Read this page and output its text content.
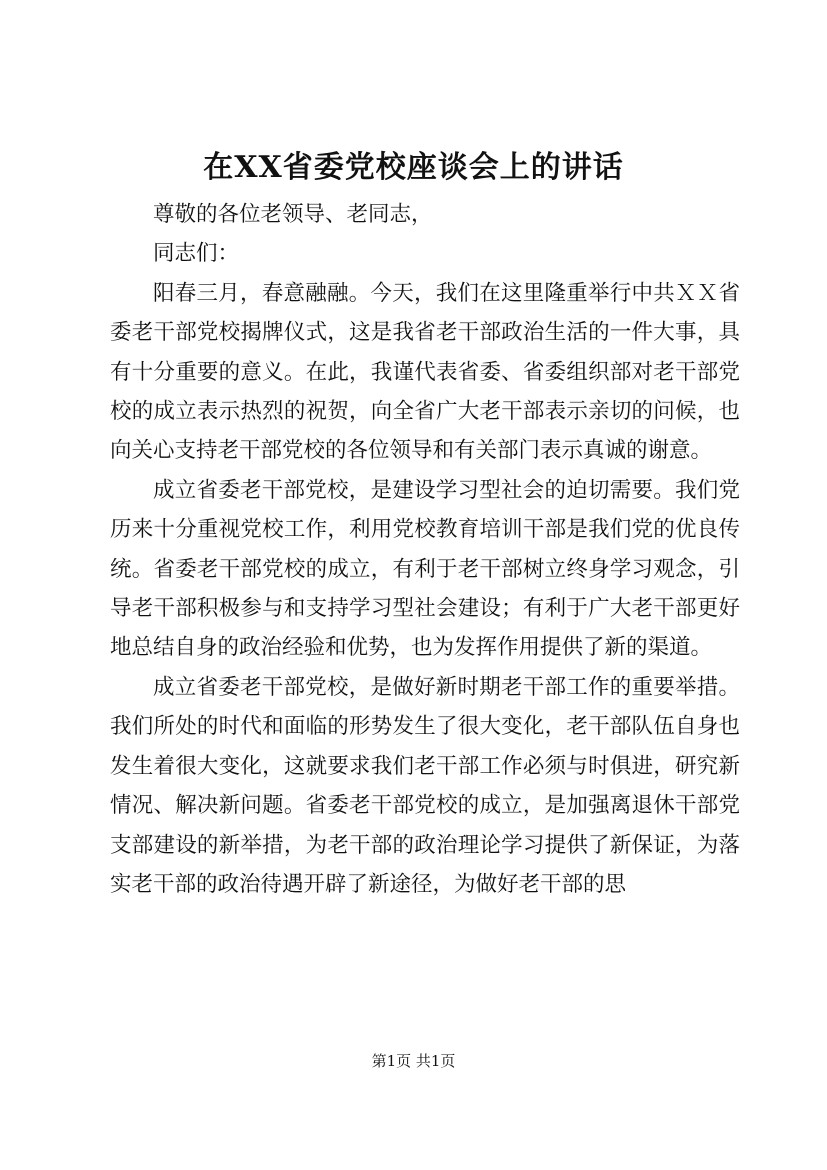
在XX省委党校座谈会上的讲话

尊敬的各位老领导、老同志，

同志们：

阳春三月，春意融融。今天，我们在这里隆重举行中共ＸＸ省委老干部党校揭牌仪式，这是我省老干部政治生活的一件大事，具有十分重要的意义。在此，我谨代表省委、省委组织部对老干部党校的成立表示热烈的祝贺，向全省广大老干部表示亲切的问候，也向关心支持老干部党校的各位领导和有关部门表示真诚的谢意。

成立省委老干部党校，是建设学习型社会的迫切需要。我们党历来十分重视党校工作，利用党校教育培训干部是我们党的优良传统。省委老干部党校的成立，有利于老干部树立终身学习观念，引导老干部积极参与和支持学习型社会建设；有利于广大老干部更好地总结自身的政治经验和优势，也为发挥作用提供了新的渠道。

成立省委老干部党校，是做好新时期老干部工作的重要举措。我们所处的时代和面临的形势发生了很大变化，老干部队伍自身也发生着很大变化，这就要求我们老干部工作必须与时俱进，研究新情况、解决新问题。省委老干部党校的成立，是加强离退休干部党支部建设的新举措，为老干部的政治理论学习提供了新保证，为落实老干部的政治待遇开辟了新途径，为做好老干部的思

第1页 共1页
